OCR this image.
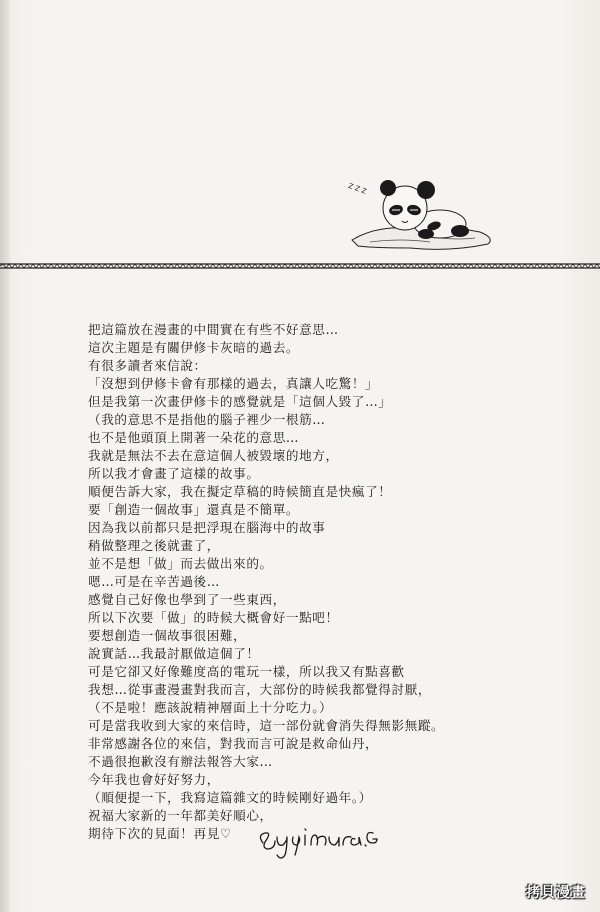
Z Z Z
把這篇放在漫畫的中間實在有些不好意思…
這次主題是有關伊修卡灰暗的過去。
有很多讀者來信說：
「沒想到伊修卡會有那樣的過去，真讓人吃驚！」
但是我第一次畫伊修卡的感覺就是「這個人毀了…」
（我的意思不是指他的腦子裡少一根筋…
也不是他頭頂上開著一朵花的意思…
我就是無法不去在意這個人被毀壞的地方，
所以我才會畫了這樣的故事。
順便告訴大家，我在擬定草稿的時候簡直是快瘋了！
要「創造一個故事」還真是不簡單。
因為我以前都只是把浮現在腦海中的故事
稍做整理之後就畫了，
並不是想「做」而去做出來的。
嗯…可是在辛苦過後…
感覺自己好像也學到了一些東西，
所以下次要「做」的時候大概會好一點吧！
要想創造一個故事很困難，
說實話…我最討厭做這個了！
可是它卻又好像難度高的電玩一樣，所以我又有點喜歡
我想…從事畫漫畫對我而言，大部份的時候我都覺得討厭，
（不是啦！應該說精神層面上十分吃力。）
可是當我收到大家的來信時，這一部份就會消失得無影無蹤。
非常感謝各位的來信，對我而言可說是救命仙丹，
不過很抱歉沒有辦法報答大家…
今年我也會好好努力，
（順便提一下，我寫這篇雜文的時候剛好過年。）
祝福大家新的一年都美好順心，
期待下次的見面！再見♡
拷貝漫畫
